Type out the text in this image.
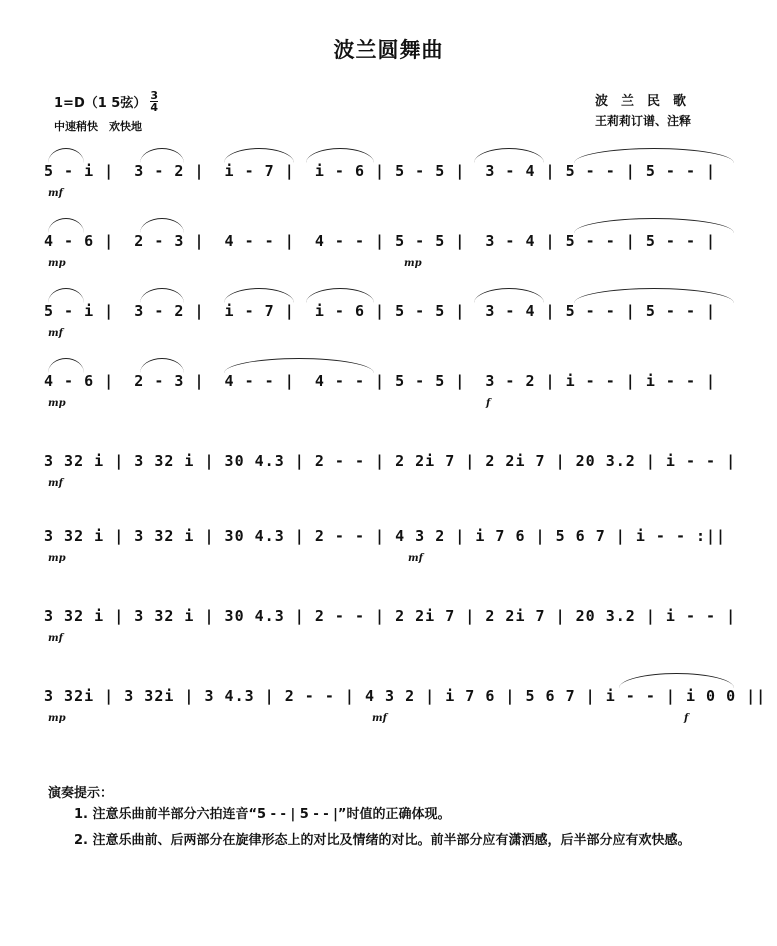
波兰圆舞曲
1=D（1 5弦）
3
4
中速稍快　欢快地
波兰民歌
王莉莉订谱、注释
5 - i |  3 - 2 |  i - 7 |  i - 6 | 5 - 5 |  3 - 4 | 5 - - | 5 - - |
mf
4 - 6 |  2 - 3 |  4 - - |  4 - - | 5 - 5 |  3 - 4 | 5 - - | 5 - - |
mp	mp
5 - i |  3 - 2 |  i - 7 |  i - 6 | 5 - 5 |  3 - 4 | 5 - - | 5 - - |
mf
4 - 6 |  2 - 3 |  4 - - |  4 - - | 5 - 5 |  3 - 2 | i - - | i - - |
mp	f
3 32 i | 3 32 i | 30 4.3 | 2 - - | 2 2i 7 | 2 2i 7 | 20 3.2 | i - - |
mf
3 32 i | 3 32 i | 30 4.3 | 2 - - | 4 3 2 | i 7 6 | 5 6 7 | i - - :||
mp	mf
3 32 i | 3 32 i | 30 4.3 | 2 - - | 2 2i 7 | 2 2i 7 | 20 3.2 | i - - |
mf
3 32i | 3 32i | 3 4.3 | 2 - - | 4 3 2 | i 7 6 | 5 6 7 | i - - | i 0 0 ||
mp	mf	f
演奏提示：
1. 注意乐曲前半部分六拍连音“5 - - | 5 - - |”时值的正确体现。
2. 注意乐曲前、后两部分在旋律形态上的对比及情绪的对比。前半部分应有潇洒感，后半部分应有欢快感。
